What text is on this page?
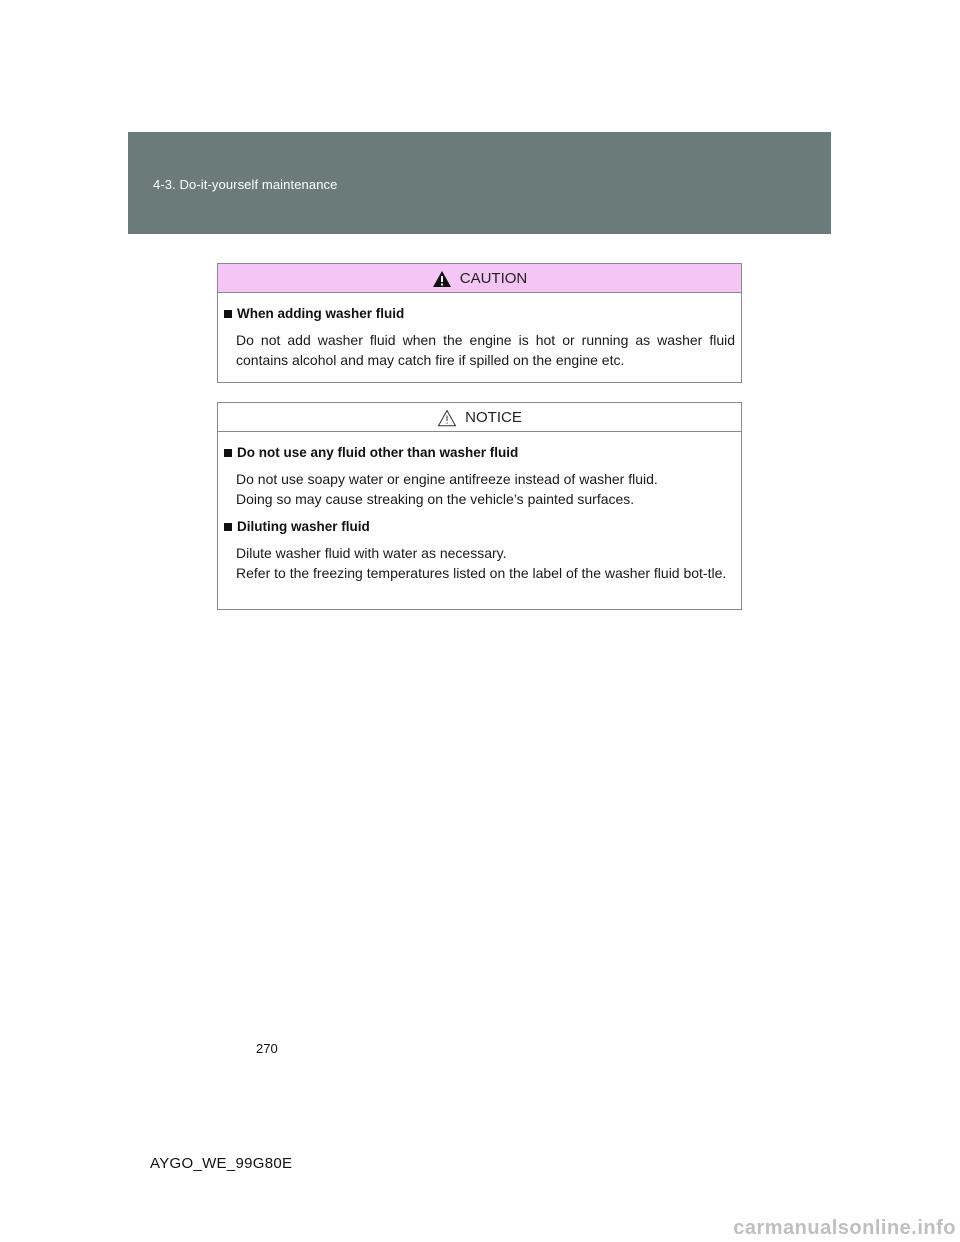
4-3. Do-it-yourself maintenance
CAUTION
When adding washer fluid

Do not add washer fluid when the engine is hot or running as washer fluid contains alcohol and may catch fire if spilled on the engine etc.

NOTICE
Do not use any fluid other than washer fluid

Do not use soapy water or engine antifreeze instead of washer fluid.

Doing so may cause streaking on the vehicle’s painted surfaces.

Diluting washer fluid

Dilute washer fluid with water as necessary.

Refer to the freezing temperatures listed on the label of the washer fluid bot-tle.

270
AYGO_WE_99G80E
carmanualsonline.info
